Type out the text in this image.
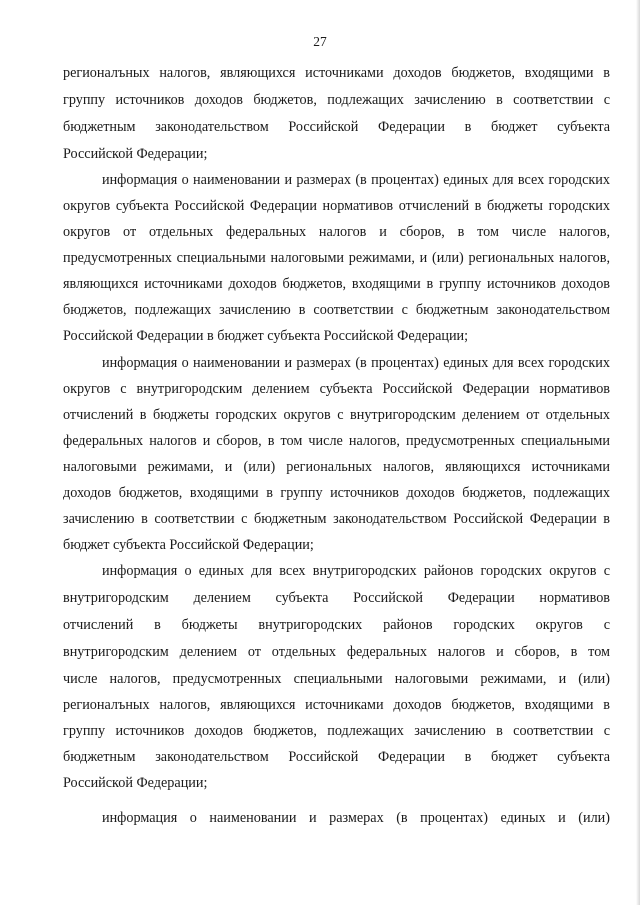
27
регионалъных налогов, являющихся источниками доходов бюджетов, входящими в
группу источников доходов бюджетов, подлежащих зачислению в соответствии с
бюджетным законодательством Российской Федерации в бюджет субъекта
Российской Федерации;
информация о наименовании и размерах (в процентах) единых для всех городских
округов субъекта Российской Федерации нормативов отчислений в бюджеты городских
округов от отдельных федеральных налогов и сборов, в том числе налогов,
предусмотренных специальными налоговыми режимами, и (или) региональных налогов,
являющихся источниками доходов бюджетов, входящими в группу источников доходов
бюджетов, подлежащих зачислению в соответствии с бюджетным законодательством
Российской Федерации в бюджет субъекта Российской Федерации;
информация о наименовании и размерах (в процентах) единых для всех городских
округов с внутригородским делением субъекта Российской Федерации нормативов
отчислений в бюджеты городских округов с внутригородским делением от отдельных
федеральных налогов и сборов, в том числе налогов, предусмотренных специальными
налоговыми режимами, и (или) региональных налогов, являющихся источниками
доходов бюджетов, входящими в группу источников доходов бюджетов, подлежащих
зачислению в соответствии с бюджетным законодательством Российской Федерации в
бюджет субъекта Российской Федерации;
информация о единых для всех внутригородских районов городских округов с
внутригородским делением субъекта Российской Федерации нормативов
отчислений в бюджеты внутригородских районов городских округов с
внутригородским делением от отдельных федеральных налогов и сборов, в том
числе налогов, предусмотренных специальными налоговыми режимами, и (или)
регионалъных налогов, являющихся источниками доходов бюджетов, входящими в
группу источников доходов бюджетов, подлежащих зачислению в соответствии с
бюджетным законодательством Российской Федерации в бюджет субъекта
Российской Федерации;
информация о наименовании и размерах (в процентах) единых и (или)
